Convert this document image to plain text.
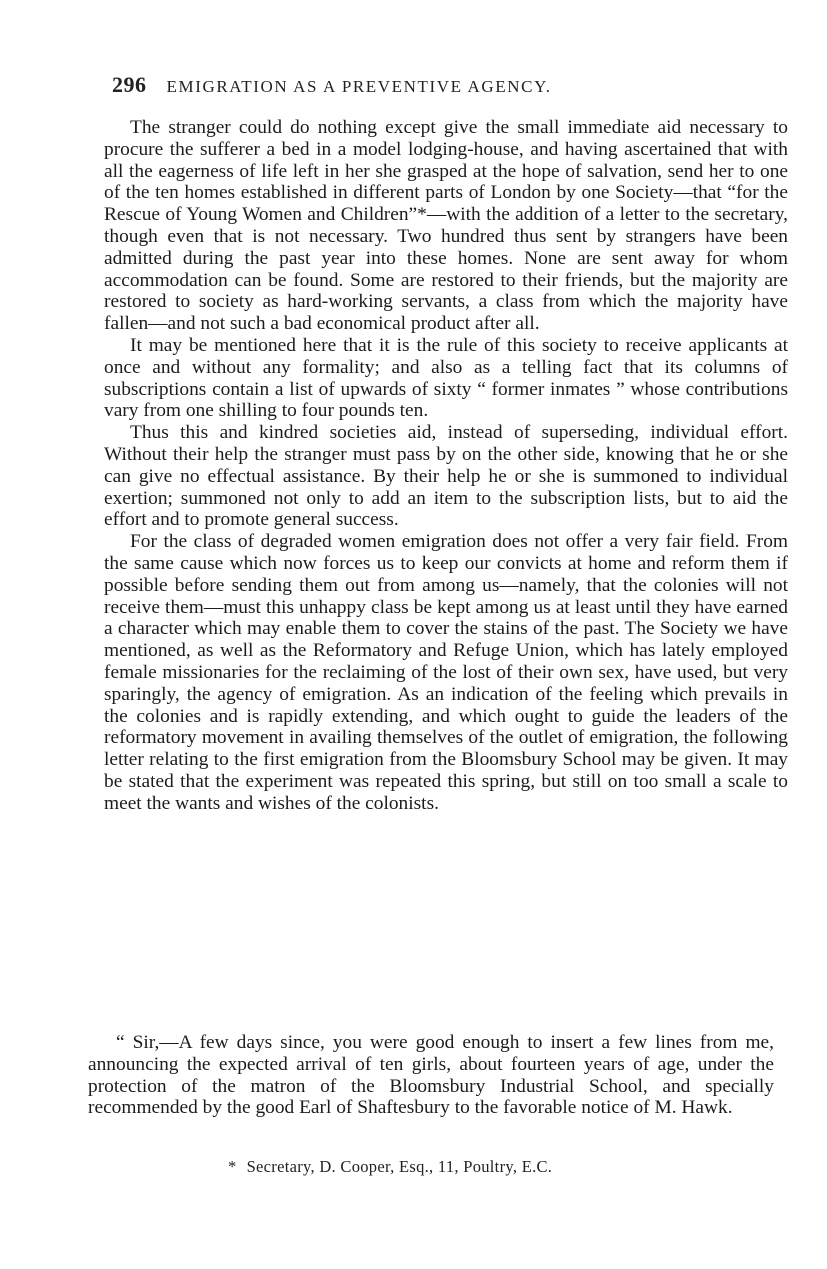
296 EMIGRATION AS A PREVENTIVE AGENCY.

The stranger could do nothing except give the small immediate aid necessary to procure the sufferer a bed in a model lodging-house, and having ascertained that with all the eagerness of life left in her she grasped at the hope of salvation, send her to one of the ten homes established in different parts of London by one Society—that “for the Rescue of Young Women and Children”*—with the addition of a letter to the secretary, though even that is not necessary. Two hundred thus sent by strangers have been admitted during the past year into these homes. None are sent away for whom accommodation can be found. Some are restored to their friends, but the majority are restored to society as hard-working servants, a class from which the majority have fallen—and not such a bad economical product after all.

It may be mentioned here that it is the rule of this society to receive applicants at once and without any formality; and also as a telling fact that its columns of subscriptions contain a list of upwards of sixty “ former inmates ” whose contributions vary from one shilling to four pounds ten.

Thus this and kindred societies aid, instead of superseding, individual effort. Without their help the stranger must pass by on the other side, knowing that he or she can give no effectual assistance. By their help he or she is summoned to individual exertion; summoned not only to add an item to the subscription lists, but to aid the effort and to promote general success.

For the class of degraded women emigration does not offer a very fair field. From the same cause which now forces us to keep our convicts at home and reform them if possible before sending them out from among us—namely, that the colonies will not receive them—must this unhappy class be kept among us at least until they have earned a character which may enable them to cover the stains of the past. The Society we have mentioned, as well as the Reformatory and Refuge Union, which has lately employed female missionaries for the reclaiming of the lost of their own sex, have used, but very sparingly, the agency of emigration. As an indication of the feeling which prevails in the colonies and is rapidly extending, and which ought to guide the leaders of the reformatory movement in availing themselves of the outlet of emigration, the following letter relating to the first emigration from the Bloomsbury School may be given. It may be stated that the experiment was repeated this spring, but still on too small a scale to meet the wants and wishes of the colonists.

“ Sir,—A few days since, you were good enough to insert a few lines from me, announcing the expected arrival of ten girls, about fourteen years of age, under the protection of the matron of the Bloomsbury Industrial School, and specially recommended by the good Earl of Shaftesbury to the favorable notice of M. Hawk.

* Secretary, D. Cooper, Esq., 11, Poultry, E.C.
